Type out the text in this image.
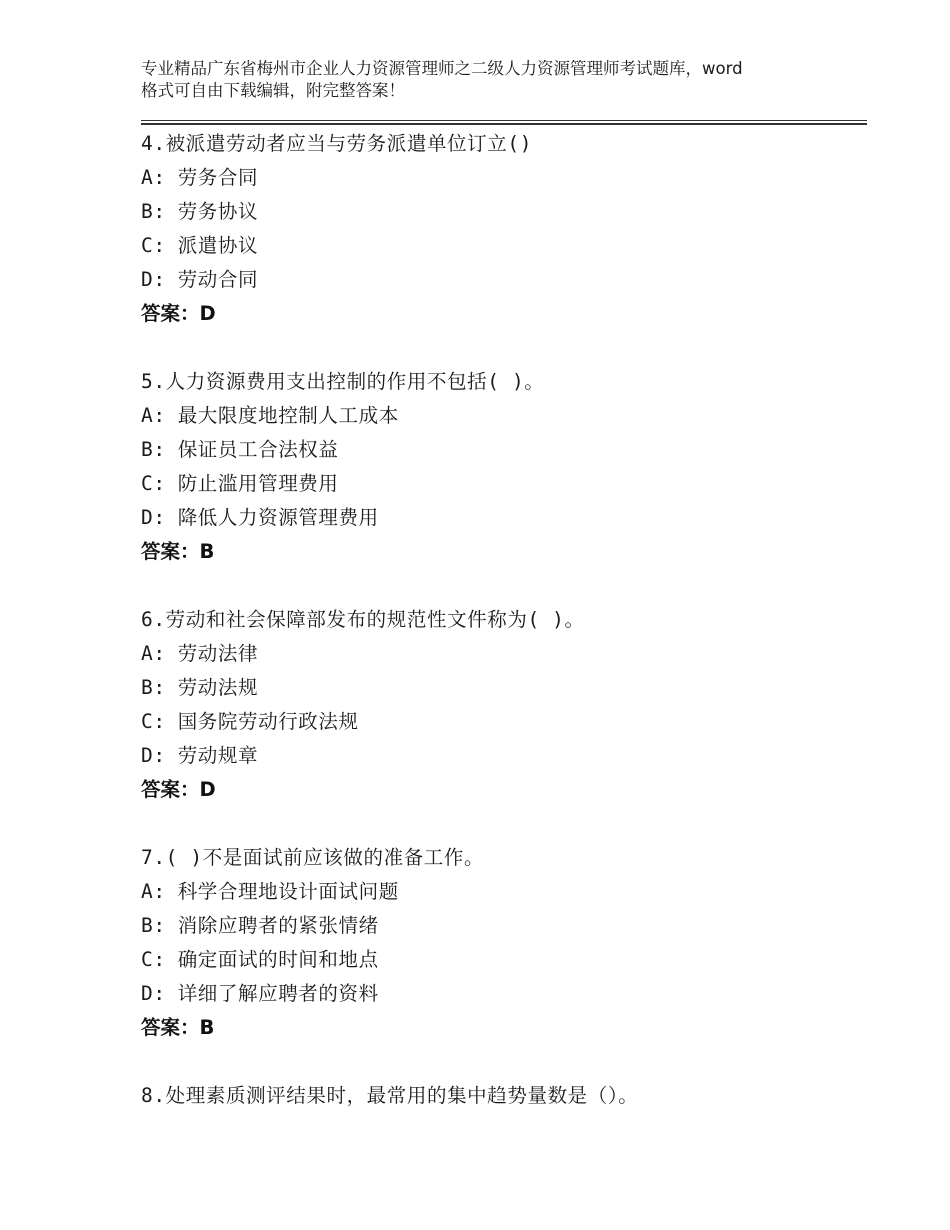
专业精品广东省梅州市企业人力资源管理师之二级人力资源管理师考试题库，word
格式可自由下载编辑，附完整答案！
4.被派遣劳动者应当与劳务派遣单位订立()
A: 劳务合同
B: 劳务协议
C: 派遣协议
D: 劳动合同
答案：D
5.人力资源费用支出控制的作用不包括( )。
A: 最大限度地控制人工成本
B: 保证员工合法权益
C: 防止滥用管理费用
D: 降低人力资源管理费用
答案：B
6.劳动和社会保障部发布的规范性文件称为( )。
A: 劳动法律
B: 劳动法规
C: 国务院劳动行政法规
D: 劳动规章
答案：D
7.( )不是面试前应该做的准备工作。
A: 科学合理地设计面试问题
B: 消除应聘者的紧张情绪
C: 确定面试的时间和地点
D: 详细了解应聘者的资料
答案：B
8.处理素质测评结果时，最常用的集中趋势量数是（）。
